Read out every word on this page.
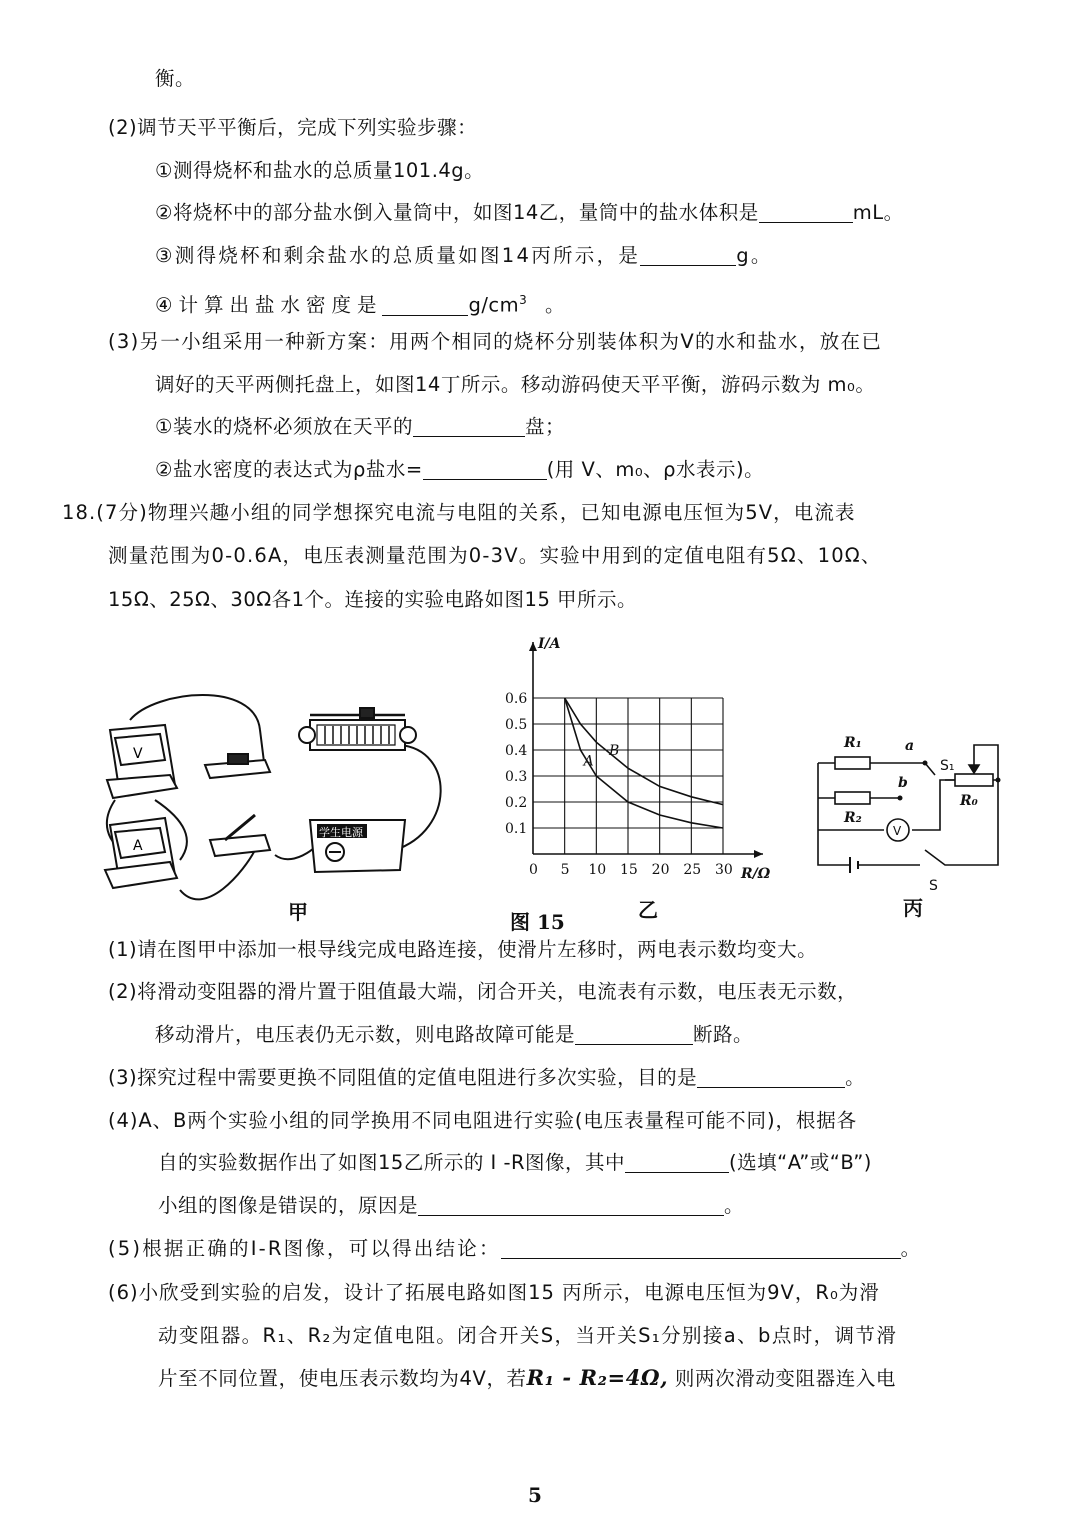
衡。
(2)调节天平平衡后，完成下列实验步骤：
①测得烧杯和盐水的总质量101.4g。
②将烧杯中的部分盐水倒入量筒中，如图14乙，量筒中的盐水体积是	mL。
③测得烧杯和剩余盐水的总质量如图14丙所示，是	g。
④计算出盐水密度是	$g/cm^3$ 。
(3)另一小组采用一种新方案：用两个相同的烧杯分别装体积为V的水和盐水，放在已
调好的天平两侧托盘上，如图14丁所示。移动游码使天平平衡，游码示数为 m₀。
①装水的烧杯必须放在天平的	盘；
②盐水密度的表达式为ρ盐水=	(用 V、m₀、ρ水表示)。
18.(7分)物理兴趣小组的同学想探究电流与电阻的关系，已知电源电压恒为5V，电流表
测量范围为0-0.6A，电压表测量范围为0-3V。实验中用到的定值电阻有5Ω、10Ω、
15Ω、25Ω、30Ω各1个。连接的实验电路如图15 甲所示。
V
A
学生电源
0 5 10 15 20 25 30
0.1
0.2
0.3
0.4
0.5
0.6
I/A
R/Ω
A
B
R₁
R₂
R₀
a
b
S₁
S
V
甲	图 15	乙	丙
(1)请在图甲中添加一根导线完成电路连接，使滑片左移时，两电表示数均变大。
(2)将滑动变阻器的滑片置于阻值最大端，闭合开关，电流表有示数，电压表无示数，
移动滑片，电压表仍无示数，则电路故障可能是	断路。
(3)探究过程中需要更换不同阻值的定值电阻进行多次实验，目的是	。
(4)A、B两个实验小组的同学换用不同电阻进行实验(电压表量程可能不同)，根据各
自的实验数据作出了如图15乙所示的 I -R图像，其中	(选填“A”或“B”)
小组的图像是错误的，原因是	。
(5)根据正确的I-R图像，可以得出结论：	。
(6)小欣受到实验的启发，设计了拓展电路如图15 丙所示，电源电压恒为9V，R₀为滑
动变阻器。R₁、R₂为定值电阻。闭合开关S，当开关S₁分别接a、b点时，调节滑
片至不同位置，使电压表示数均为4V，若R₁ - R₂=4Ω, 则两次滑动变阻器连入电
5
